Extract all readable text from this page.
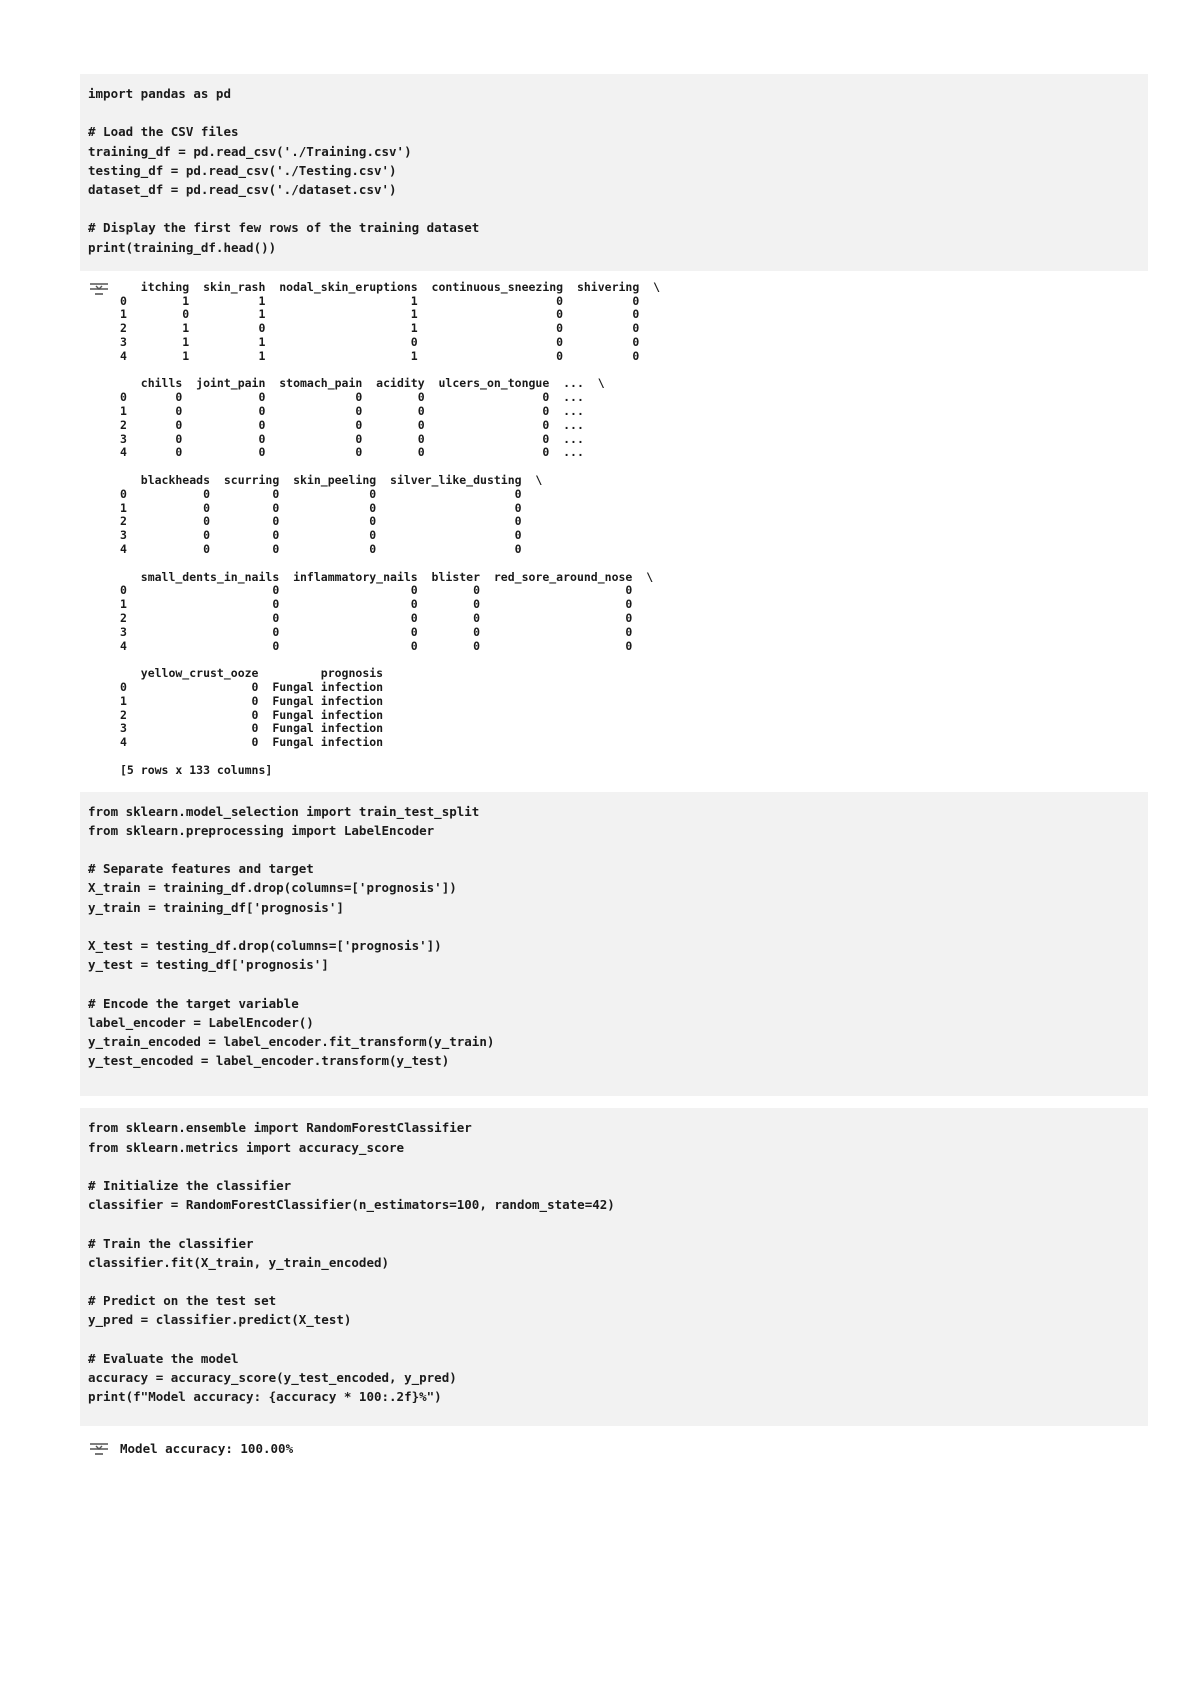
import pandas as pd

# Load the CSV files
training_df = pd.read_csv('./Training.csv')
testing_df = pd.read_csv('./Testing.csv')
dataset_df = pd.read_csv('./dataset.csv')

# Display the first few rows of the training dataset
print(training_df.head())
itching  skin_rash  nodal_skin_eruptions  continuous_sneezing  shivering  \
0        1          1                     1                    0          0
1        0          1                     1                    0          0
2        1          0                     1                    0          0
3        1          1                     0                    0          0
4        1          1                     1                    0          0

chills  joint_pain  stomach_pain  acidity  ulcers_on_tongue  ...  \
0       0           0             0        0                 0  ...
1       0           0             0        0                 0  ...
2       0           0             0        0                 0  ...
3       0           0             0        0                 0  ...
4       0           0             0        0                 0  ...

blackheads  scurring  skin_peeling  silver_like_dusting  \
0           0         0             0                    0
1           0         0             0                    0
2           0         0             0                    0
3           0         0             0                    0
4           0         0             0                    0

small_dents_in_nails  inflammatory_nails  blister  red_sore_around_nose  \
0                     0                   0        0                     0
1                     0                   0        0                     0
2                     0                   0        0                     0
3                     0                   0        0                     0
4                     0                   0        0                     0

yellow_crust_ooze         prognosis
0                  0  Fungal infection
1                  0  Fungal infection
2                  0  Fungal infection
3                  0  Fungal infection
4                  0  Fungal infection

[5 rows x 133 columns]
from sklearn.model_selection import train_test_split
from sklearn.preprocessing import LabelEncoder

# Separate features and target
X_train = training_df.drop(columns=['prognosis'])
y_train = training_df['prognosis']

X_test = testing_df.drop(columns=['prognosis'])
y_test = testing_df['prognosis']

# Encode the target variable
label_encoder = LabelEncoder()
y_train_encoded = label_encoder.fit_transform(y_train)
y_test_encoded = label_encoder.transform(y_test)
from sklearn.ensemble import RandomForestClassifier
from sklearn.metrics import accuracy_score

# Initialize the classifier
classifier = RandomForestClassifier(n_estimators=100, random_state=42)

# Train the classifier
classifier.fit(X_train, y_train_encoded)

# Predict on the test set
y_pred = classifier.predict(X_test)

# Evaluate the model
accuracy = accuracy_score(y_test_encoded, y_pred)
print(f"Model accuracy: {accuracy * 100:.2f}%")
Model accuracy: 100.00%
